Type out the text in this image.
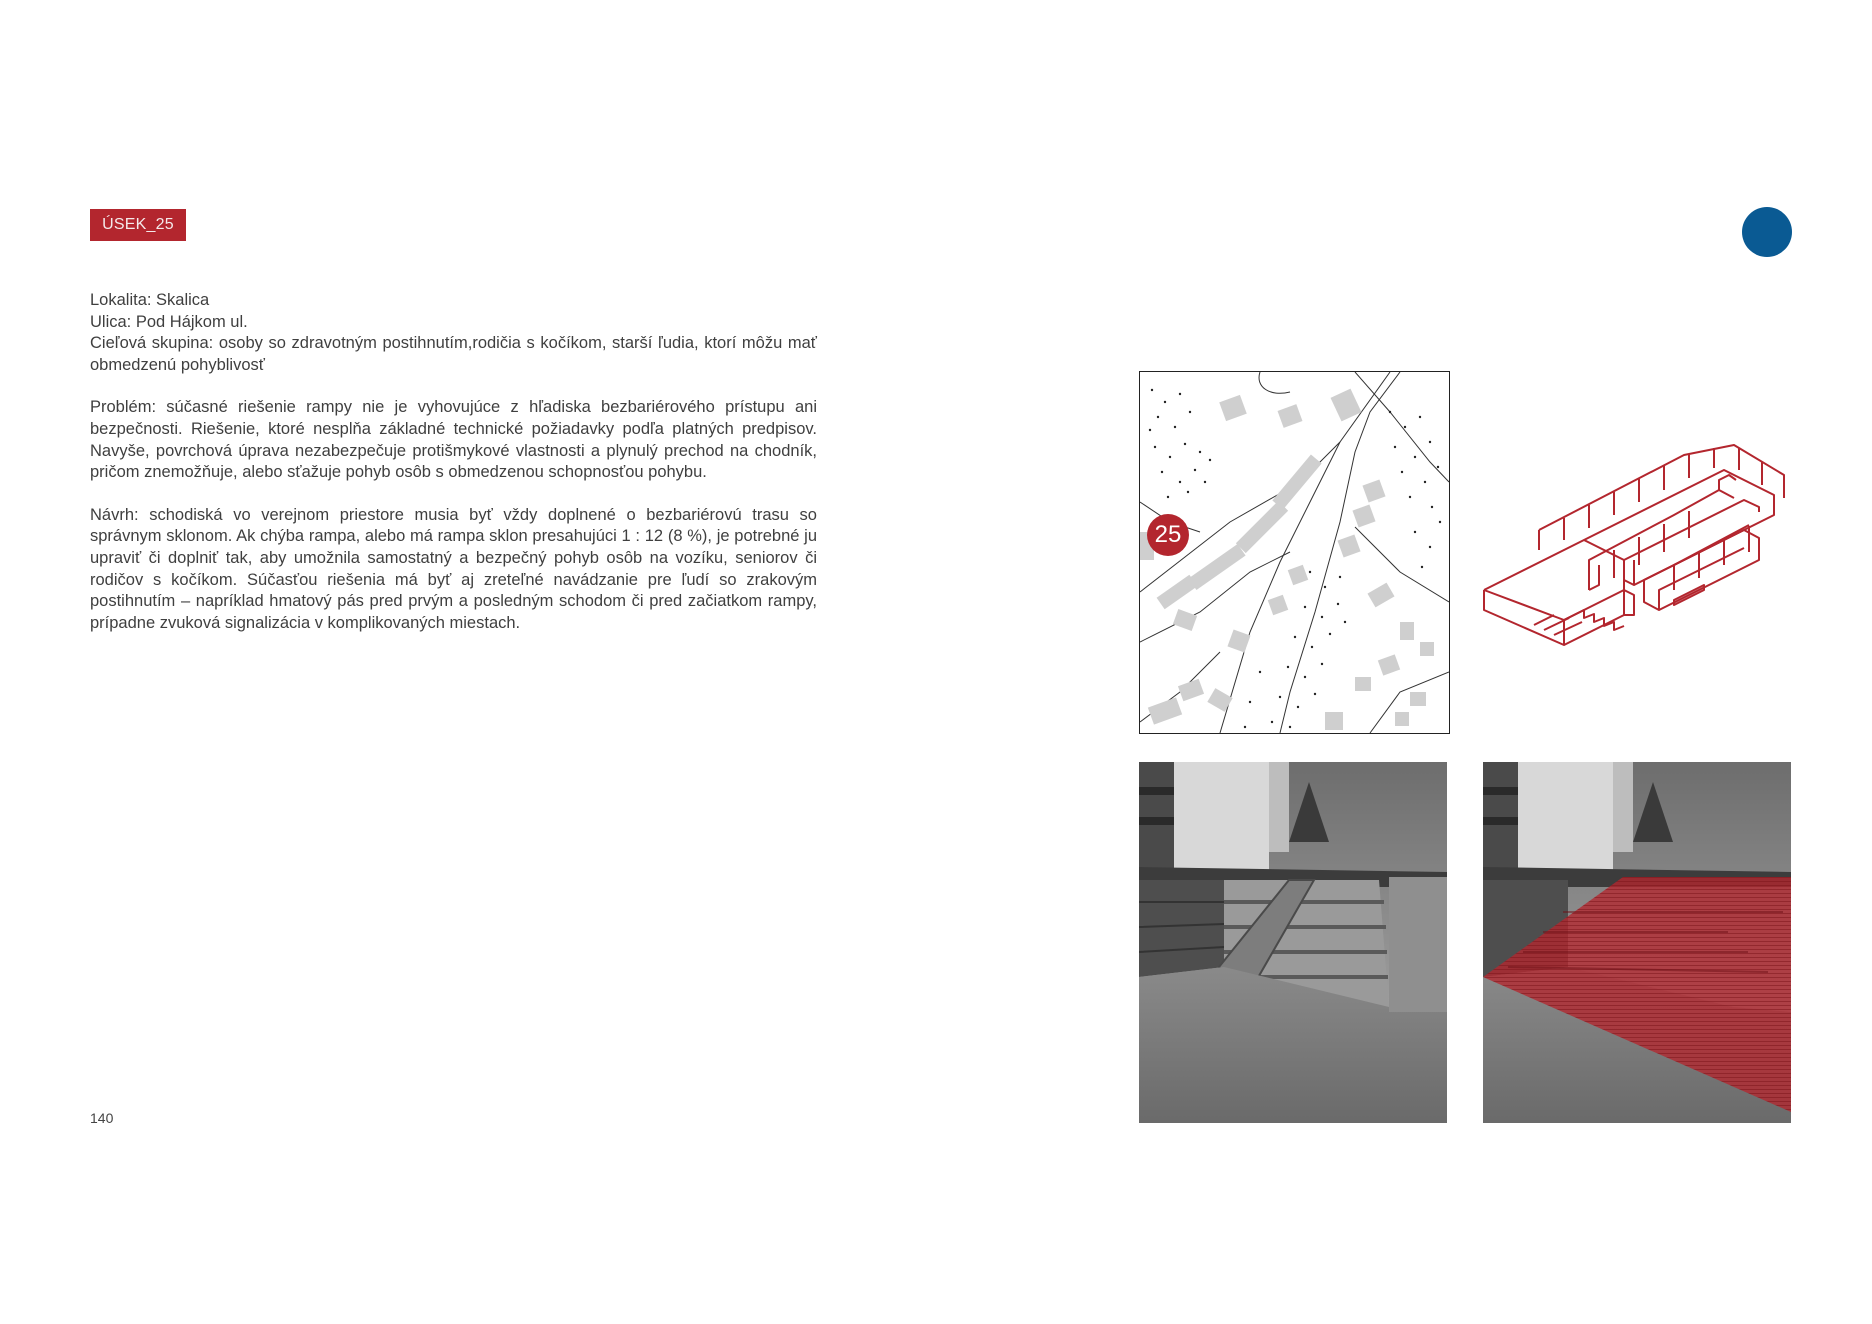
ÚSEK_25

Lokalita: Skalica

Ulica: Pod Hájkom ul.

Cieľová skupina: osoby so zdravotným postihnutím,rodičia s kočíkom, starší ľudia, ktorí môžu mať obmedzenú pohyblivosť

Problém: súčasné riešenie rampy nie je vyhovujúce z hľadiska bezbariérového prístupu ani bezpečnosti. Riešenie, ktoré nesplňa základné technické požiadavky podľa platných predpisov. Navyše, povrchová úprava nezabezpečuje protišmykové vlastnosti a plynulý prechod na chodník, pričom znemožňuje, alebo sťažuje pohyb osôb s obmedzenou schopnosťou pohybu.

Návrh: schodiská vo verejnom priestore musia byť vždy doplnené o bezbariérovú trasu so správnym sklonom. Ak chýba rampa, alebo má rampa sklon presahujúci 1 : 12 (8 %), je potrebné ju upraviť či doplniť tak, aby umožnila samostatný a bezpečný pohyb osôb na vozíku, seniorov či rodičov s kočíkom. Súčasťou riešenia má byť aj zreteľné navádzanie pre ľudí so zrakovým postihnutím – napríklad hmatový pás pred prvým a posledným schodom či pred začiatkom rampy, prípadne zvuková signalizácia v komplikovaných miestach.

140
25
